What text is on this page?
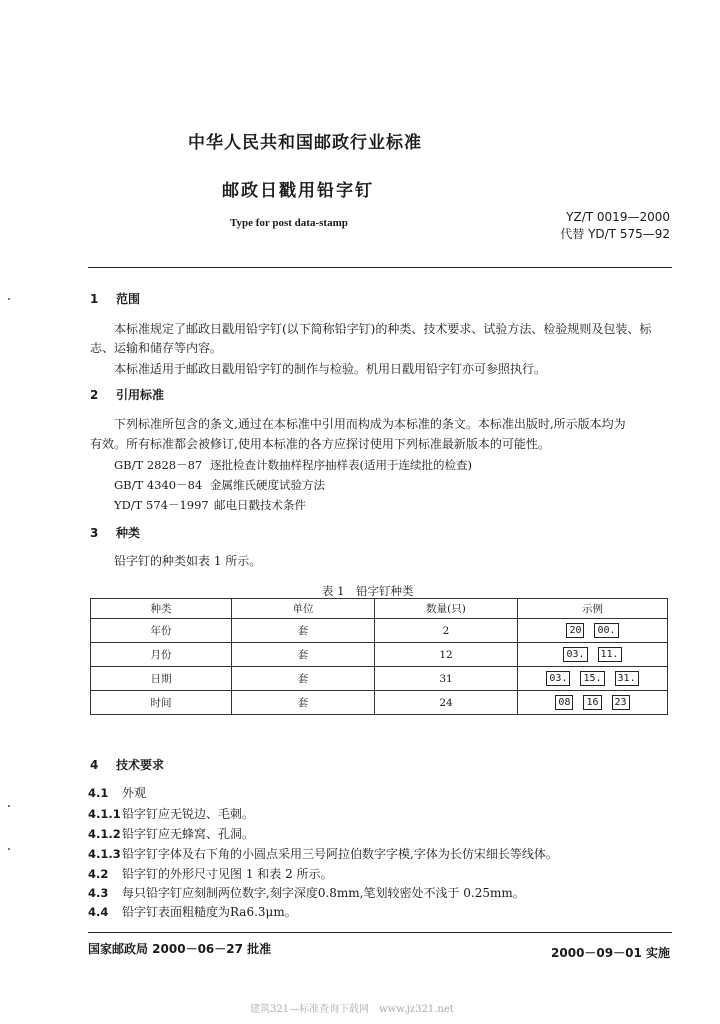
中华人民共和国邮政行业标准
邮政日戳用铅字钉
Type for post data-stamp	YZ/T 0019—2000
代替 YD/T 575—92
1 范围
本标准规定了邮政日戳用铅字钉(以下简称铅字钉)的种类、技术要求、试验方法、检验规则及包装、标
志、运输和储存等内容。
本标准适用于邮政日戳用铅字钉的制作与检验。机用日戳用铅字钉亦可参照执行。
2 引用标准
下列标准所包含的条文,通过在本标准中引用而构成为本标准的条文。本标准出版时,所示版本均为
有效。所有标准都会被修订,使用本标准的各方应探讨使用下列标准最新版本的可能性。
GB/T 2828－87 逐批检查计数抽样程序抽样表(适用于连续批的检查)
GB/T 4340－84 金属维氏硬度试验方法
YD/T 574－1997 邮电日戳技术条件
3 种类
铅字钉的种类如表 1 所示。
表 1　铅字钉种类
种类	单位	数量(只)	示例
年份	套	2	20 00.
月份	套	12	03. 11.
日期	套	31	03. 15. 31.
时间	套	24	08 16 23
4 技术要求
4.1 外观
4.1.1铅字钉应无锐边、毛刺。
4.1.2铅字钉应无蜂窝、孔洞。
4.1.3铅字钉字体及右下角的小圆点采用三号阿拉伯数字字模,字体为长仿宋细长等线体。
4.2 铅字钉的外形尺寸见图 1 和表 2 所示。
4.3 每只铅字钉应刻制两位数字,刻字深度0.8mm,笔划较密处不浅于 0.25mm。
4.4 铅字钉表面粗糙度为Ra6.3μm。
国家邮政局 2000－06－27 批准	2000－09－01 实施
建筑321—标准查询下载网　www.jz321.net
